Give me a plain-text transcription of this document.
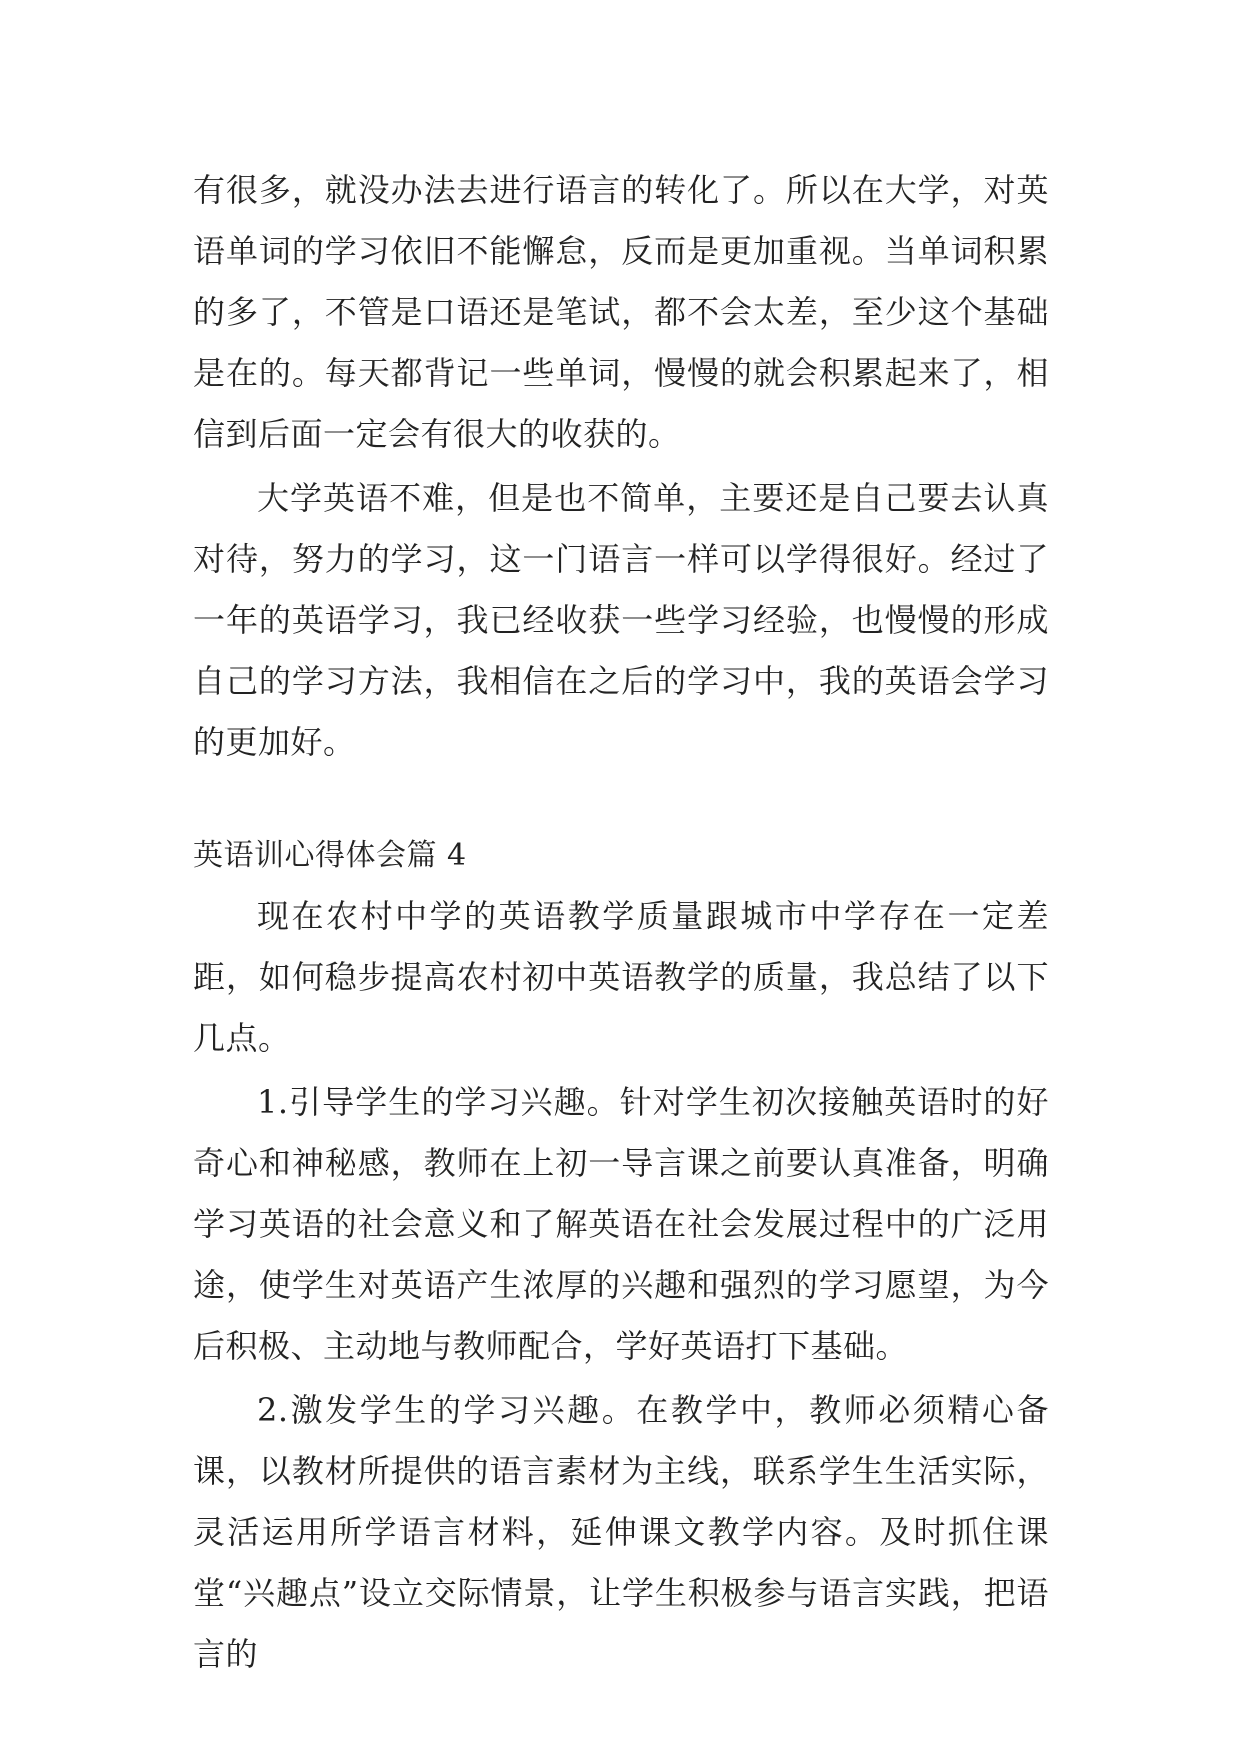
有很多，就没办法去进行语言的转化了。所以在大学，对英语单词的学习依旧不能懈怠，反而是更加重视。当单词积累的多了，不管是口语还是笔试，都不会太差，至少这个基础是在的。每天都背记一些单词，慢慢的就会积累起来了，相信到后面一定会有很大的收获的。

大学英语不难，但是也不简单，主要还是自己要去认真对待，努力的学习，这一门语言一样可以学得很好。经过了一年的英语学习，我已经收获一些学习经验，也慢慢的形成自己的学习方法，我相信在之后的学习中，我的英语会学习的更加好。

英语训心得体会篇 4

现在农村中学的英语教学质量跟城市中学存在一定差距，如何稳步提高农村初中英语教学的质量，我总结了以下几点。

1.引导学生的学习兴趣。针对学生初次接触英语时的好奇心和神秘感，教师在上初一导言课之前要认真准备，明确学习英语的社会意义和了解英语在社会发展过程中的广泛用途，使学生对英语产生浓厚的兴趣和强烈的学习愿望，为今后积极、主动地与教师配合，学好英语打下基础。

2.激发学生的学习兴趣。在教学中，教师必须精心备课，以教材所提供的语言素材为主线，联系学生生活实际，灵活运用所学语言材料，延伸课文教学内容。及时抓住课堂“兴趣点”设立交际情景，让学生积极参与语言实践，把语言的
